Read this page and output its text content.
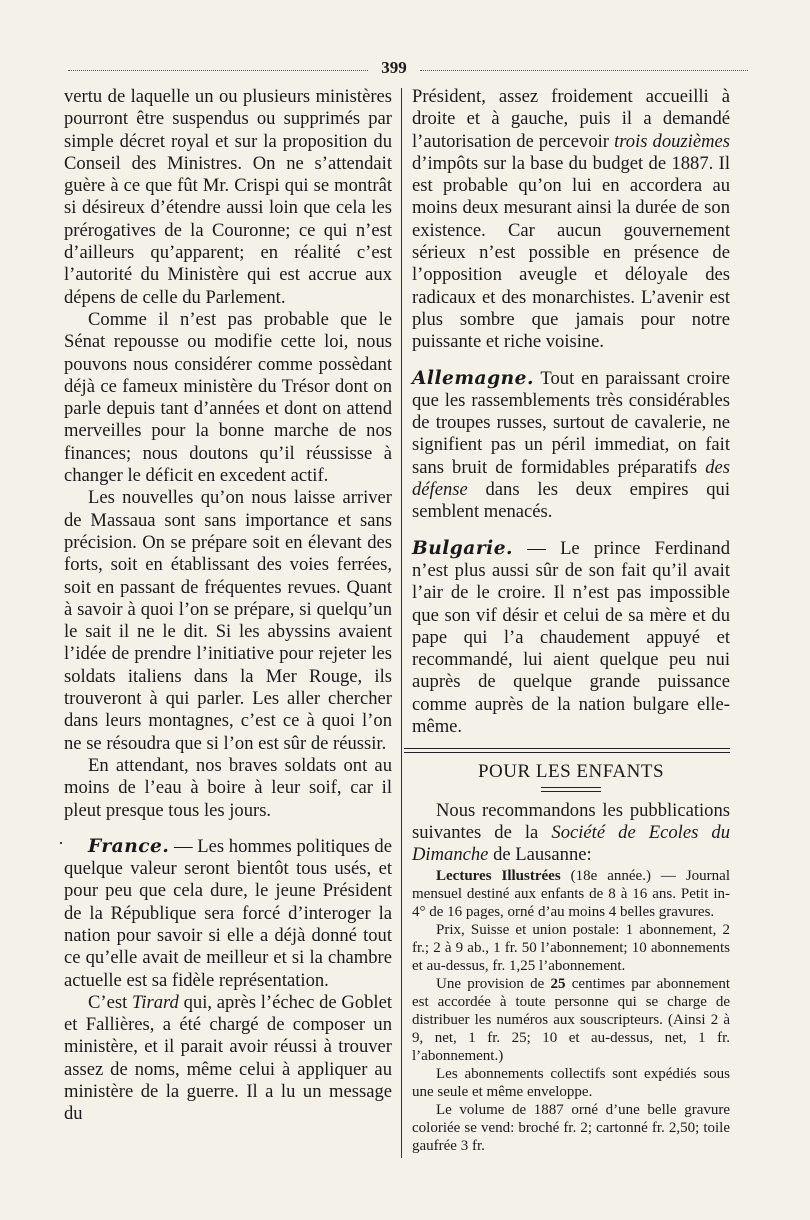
399

vertu de laquelle un ou plusieurs ministères pourront être suspendus ou supprimés par simple décret royal et sur la proposition du Conseil des Ministres. On ne s’attendait guère à ce que fût Mr. Crispi qui se montrât si désireux d’étendre aussi loin que cela les prérogatives de la Couronne; ce qui n’est d’ailleurs qu’apparent; en réalité c’est l’autorité du Ministère qui est accrue aux dépens de celle du Parlement.

Comme il n’est pas probable que le Sénat repousse ou modifie cette loi, nous pouvons nous considérer comme possèdant déjà ce fameux ministère du Trésor dont on parle depuis tant d’années et dont on attend merveilles pour la bonne marche de nos finances; nous doutons qu’il réussisse à changer le déficit en excedent actif.

Les nouvelles qu’on nous laisse arriver de Massaua sont sans importance et sans précision. On se prépare soit en élevant des forts, soit en établissant des voies ferrées, soit en passant de fréquentes revues. Quant à savoir à quoi l’on se prépare, si quelqu’un le sait il ne le dit. Si les abyssins avaient l’idée de prendre l’initiative pour rejeter les soldats italiens dans la Mer Rouge, ils trouveront à qui parler. Les aller chercher dans leurs montagnes, c’est ce à quoi l’on ne se résoudra que si l’on est sûr de réussir.

En attendant, nos braves soldats ont au moins de l’eau à boire à leur soif, car il pleut presque tous les jours.

France. — Les hommes politiques de quelque valeur seront bientôt tous usés, et pour peu que cela dure, le jeune Président de la République sera forcé d’interoger la nation pour savoir si elle a déjà donné tout ce qu’elle avait de meilleur et si la chambre actuelle est sa fidèle représentation.

C’est Tirard qui, après l’échec de Goblet et Fallières, a été chargé de composer un ministère, et il parait avoir réussi à trouver assez de noms, même celui à appliquer au ministère de la guerre. Il a lu un message du

·

Président, assez froidement accueilli à droite et à gauche, puis il a demandé l’autorisation de percevoir trois douzièmes d’impôts sur la base du budget de 1887. Il est probable qu’on lui en accordera au moins deux mesurant ainsi la durée de son existence. Car aucun gouvernement sérieux n’est possible en présence de l’opposition aveugle et déloyale des radicaux et des monarchistes. L’avenir est plus sombre que jamais pour notre puissante et riche voisine.

Allemagne. Tout en paraissant croire que les rassemblements très considérables de troupes russes, surtout de cavalerie, ne signifient pas un péril immediat, on fait sans bruit de formidables préparatifs des défense dans les deux empires qui semblent menacés.

Bulgarie. — Le prince Ferdinand n’est plus aussi sûr de son fait qu’il avait l’air de le croire. Il n’est pas impossible que son vif désir et celui de sa mère et du pape qui l’a chaudement appuyé et recommandé, lui aient quelque peu nui auprès de quelque grande puissance comme auprès de la nation bulgare elle-même.

POUR LES ENFANTS

Nous recommandons les pubblications suivantes de la Société de Ecoles du Dimanche de Lausanne:

Lectures Illustrées (18e année.) — Journal mensuel destiné aux enfants de 8 à 16 ans. Petit in-4° de 16 pages, orné d’au moins 4 belles gravures.

Prix, Suisse et union postale: 1 abonnement, 2 fr.; 2 à 9 ab., 1 fr. 50 l’abonnement; 10 abonnements et au-dessus, fr. 1,25 l’abonnement.

Une provision de 25 centimes par abonnement est accordée à toute personne qui se charge de distribuer les numéros aux souscripteurs. (Ainsi 2 à 9, net, 1 fr. 25; 10 et au-dessus, net, 1 fr. l’abonnement.)

Les abonnements collectifs sont expédiés sous une seule et même enveloppe.

Le volume de 1887 orné d’une belle gravure coloriée se vend: broché fr. 2; cartonné fr. 2,50; toile gaufrée 3 fr.
